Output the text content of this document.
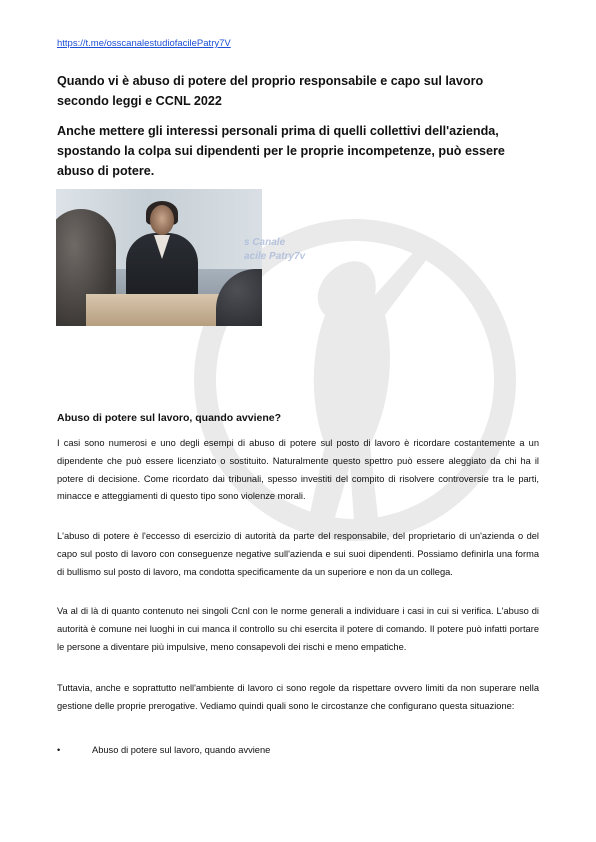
https://t.me/osscanalestudiofacilePatry7V
Quando vi è abuso di potere del proprio responsabile e capo sul lavoro secondo leggi e CCNL 2022
Anche mettere gli interessi personali prima di quelli collettivi dell'azienda, spostando la colpa sui dipendenti per le proprie incompetenze, può essere abuso di potere.
s Canale
acile Patry7v
Abuso di potere sul lavoro, quando avviene?
I casi sono numerosi e uno degli esempi di abuso di potere sul posto di lavoro è ricordare costantemente a un dipendente che può essere licenziato o sostituito. Naturalmente questo spettro può essere aleggiato da chi ha il potere di decisione. Come ricordato dai tribunali, spesso investiti del compito di risolvere controversie tra le parti, minacce e atteggiamenti di questo tipo sono violenze morali.
L'abuso di potere è l'eccesso di esercizio di autorità da parte del responsabile, del proprietario di un'azienda o del capo sul posto di lavoro con conseguenze negative sull'azienda e sui suoi dipendenti. Possiamo definirla una forma di bullismo sul posto di lavoro, ma condotta specificamente da un superiore e non da un collega.
Va al di là di quanto contenuto nei singoli Ccnl con le norme generali a individuare i casi in cui si verifica. L'abuso di autorità è comune nei luoghi in cui manca il controllo su chi esercita il potere di comando. Il potere può infatti portare le persone a diventare più impulsive, meno consapevoli dei rischi e meno empatiche.
Tuttavia, anche e soprattutto nell'ambiente di lavoro ci sono regole da rispettare ovvero limiti da non superare nella gestione delle proprie prerogative. Vediamo quindi quali sono le circostanze che configurano questa situazione:
•	Abuso di potere sul lavoro, quando avviene
